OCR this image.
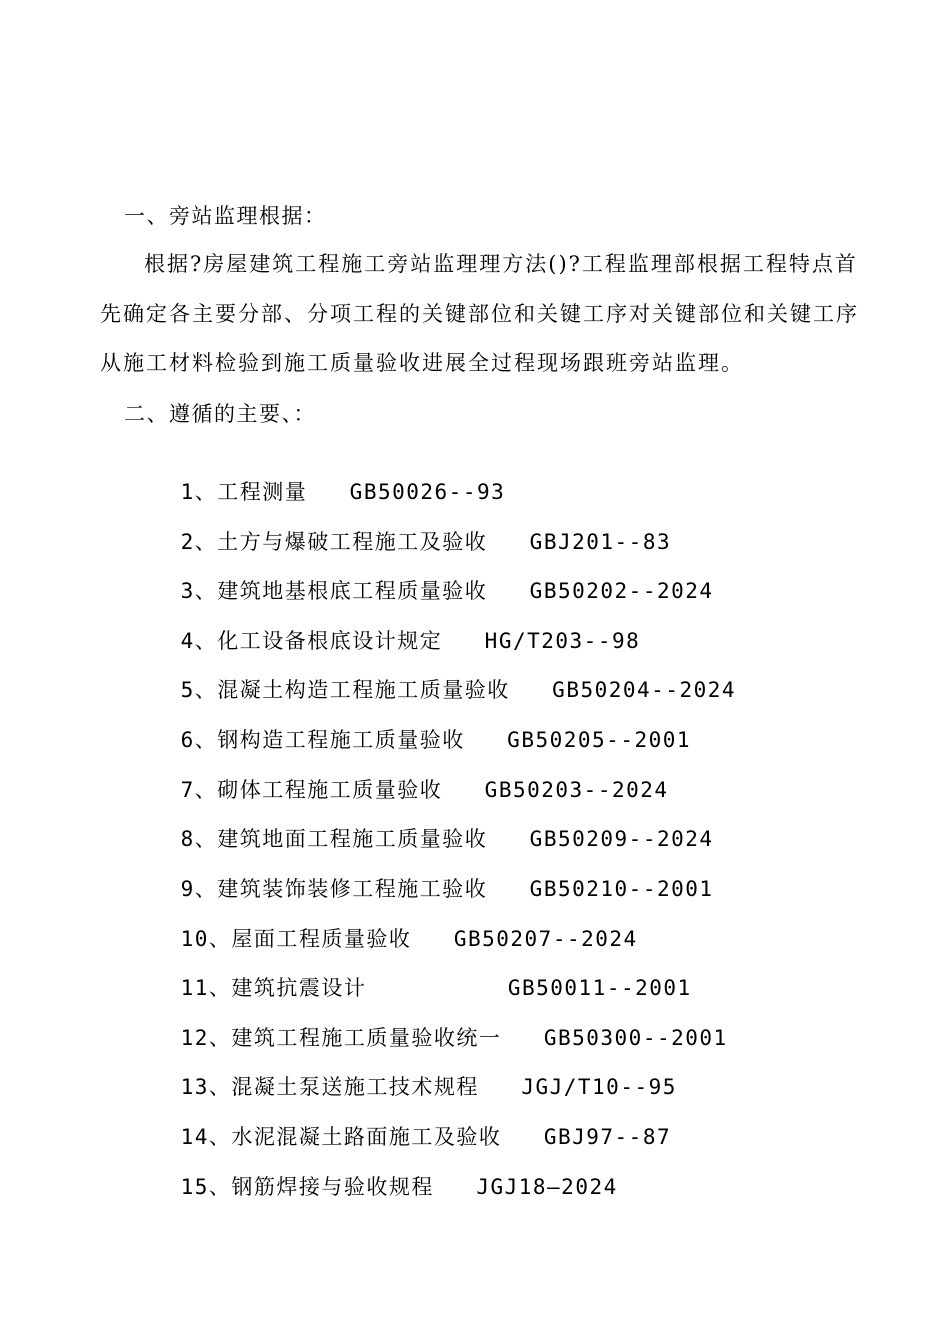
一、旁站监理根据：
根据?房屋建筑工程施工旁站监理理方法()?工程监理部根据工程特点首先确定各主要分部、分项工程的关键部位和关键工序对关键部位和关键工序从施工材料检验到施工质量验收进展全过程现场跟班旁站监理。
二、遵循的主要、：

1、工程测量 GB50026--93

2、土方与爆破工程施工及验收 GBJ201--83

3、建筑地基根底工程质量验收 GB50202--2024

4、化工设备根底设计规定 HG/T203--98

5、混凝土构造工程施工质量验收 GB50204--2024

6、钢构造工程施工质量验收 GB50205--2001

7、砌体工程施工质量验收 GB50203--2024

8、建筑地面工程施工质量验收 GB50209--2024

9、建筑装饰装修工程施工验收 GB50210--2001

10、屋面工程质量验收 GB50207--2024

11、建筑抗震设计	GB50011--2001

12、建筑工程施工质量验收统一 GB50300--2001

13、混凝土泵送施工技术规程 JGJ/T10--95

14、水泥混凝土路面施工及验收 GBJ97--87

15、钢筋焊接与验收规程 JGJ18—2024
